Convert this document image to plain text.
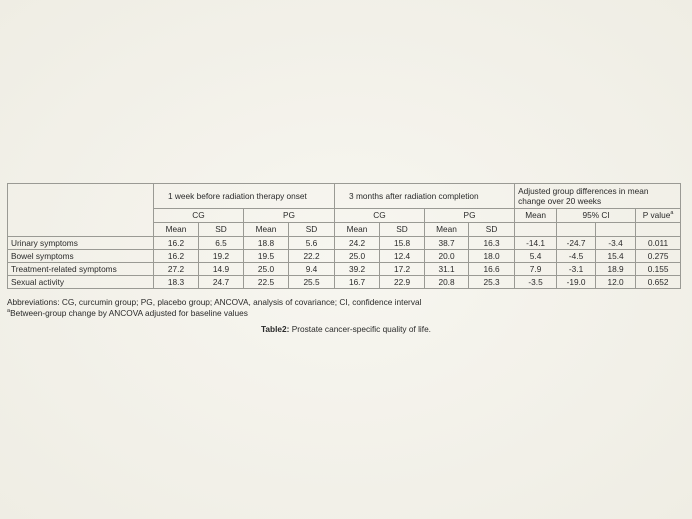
	1 week before radiation therapy onset				3 months after radiation completion				Adjusted group differences in mean change over 20 weeks			
	CG		PG		CG		PG		Mean	95% CI		P value$^a$
	Mean	SD	Mean	SD	Mean	SD	Mean	SD				
Urinary symptoms	16.2	6.5	18.8	5.6	24.2	15.8	38.7	16.3	-14.1	-24.7	-3.4	0.011
Bowel symptoms	16.2	19.2	19.5	22.2	25.0	12.4	20.0	18.0	5.4	-4.5	15.4	0.275
Treatment-related symptoms	27.2	14.9	25.0	9.4	39.2	17.2	31.1	16.6	7.9	-3.1	18.9	0.155
Sexual activity	18.3	24.7	22.5	25.5	16.7	22.9	20.8	25.3	-3.5	-19.0	12.0	0.652
Abbreviations: CG, curcumin group; PG, placebo group; ANCOVA, analysis of covariance; CI, confidence interval
$^a$Between-group change by ANCOVA adjusted for baseline values
Table2: Prostate cancer-specific quality of life.
